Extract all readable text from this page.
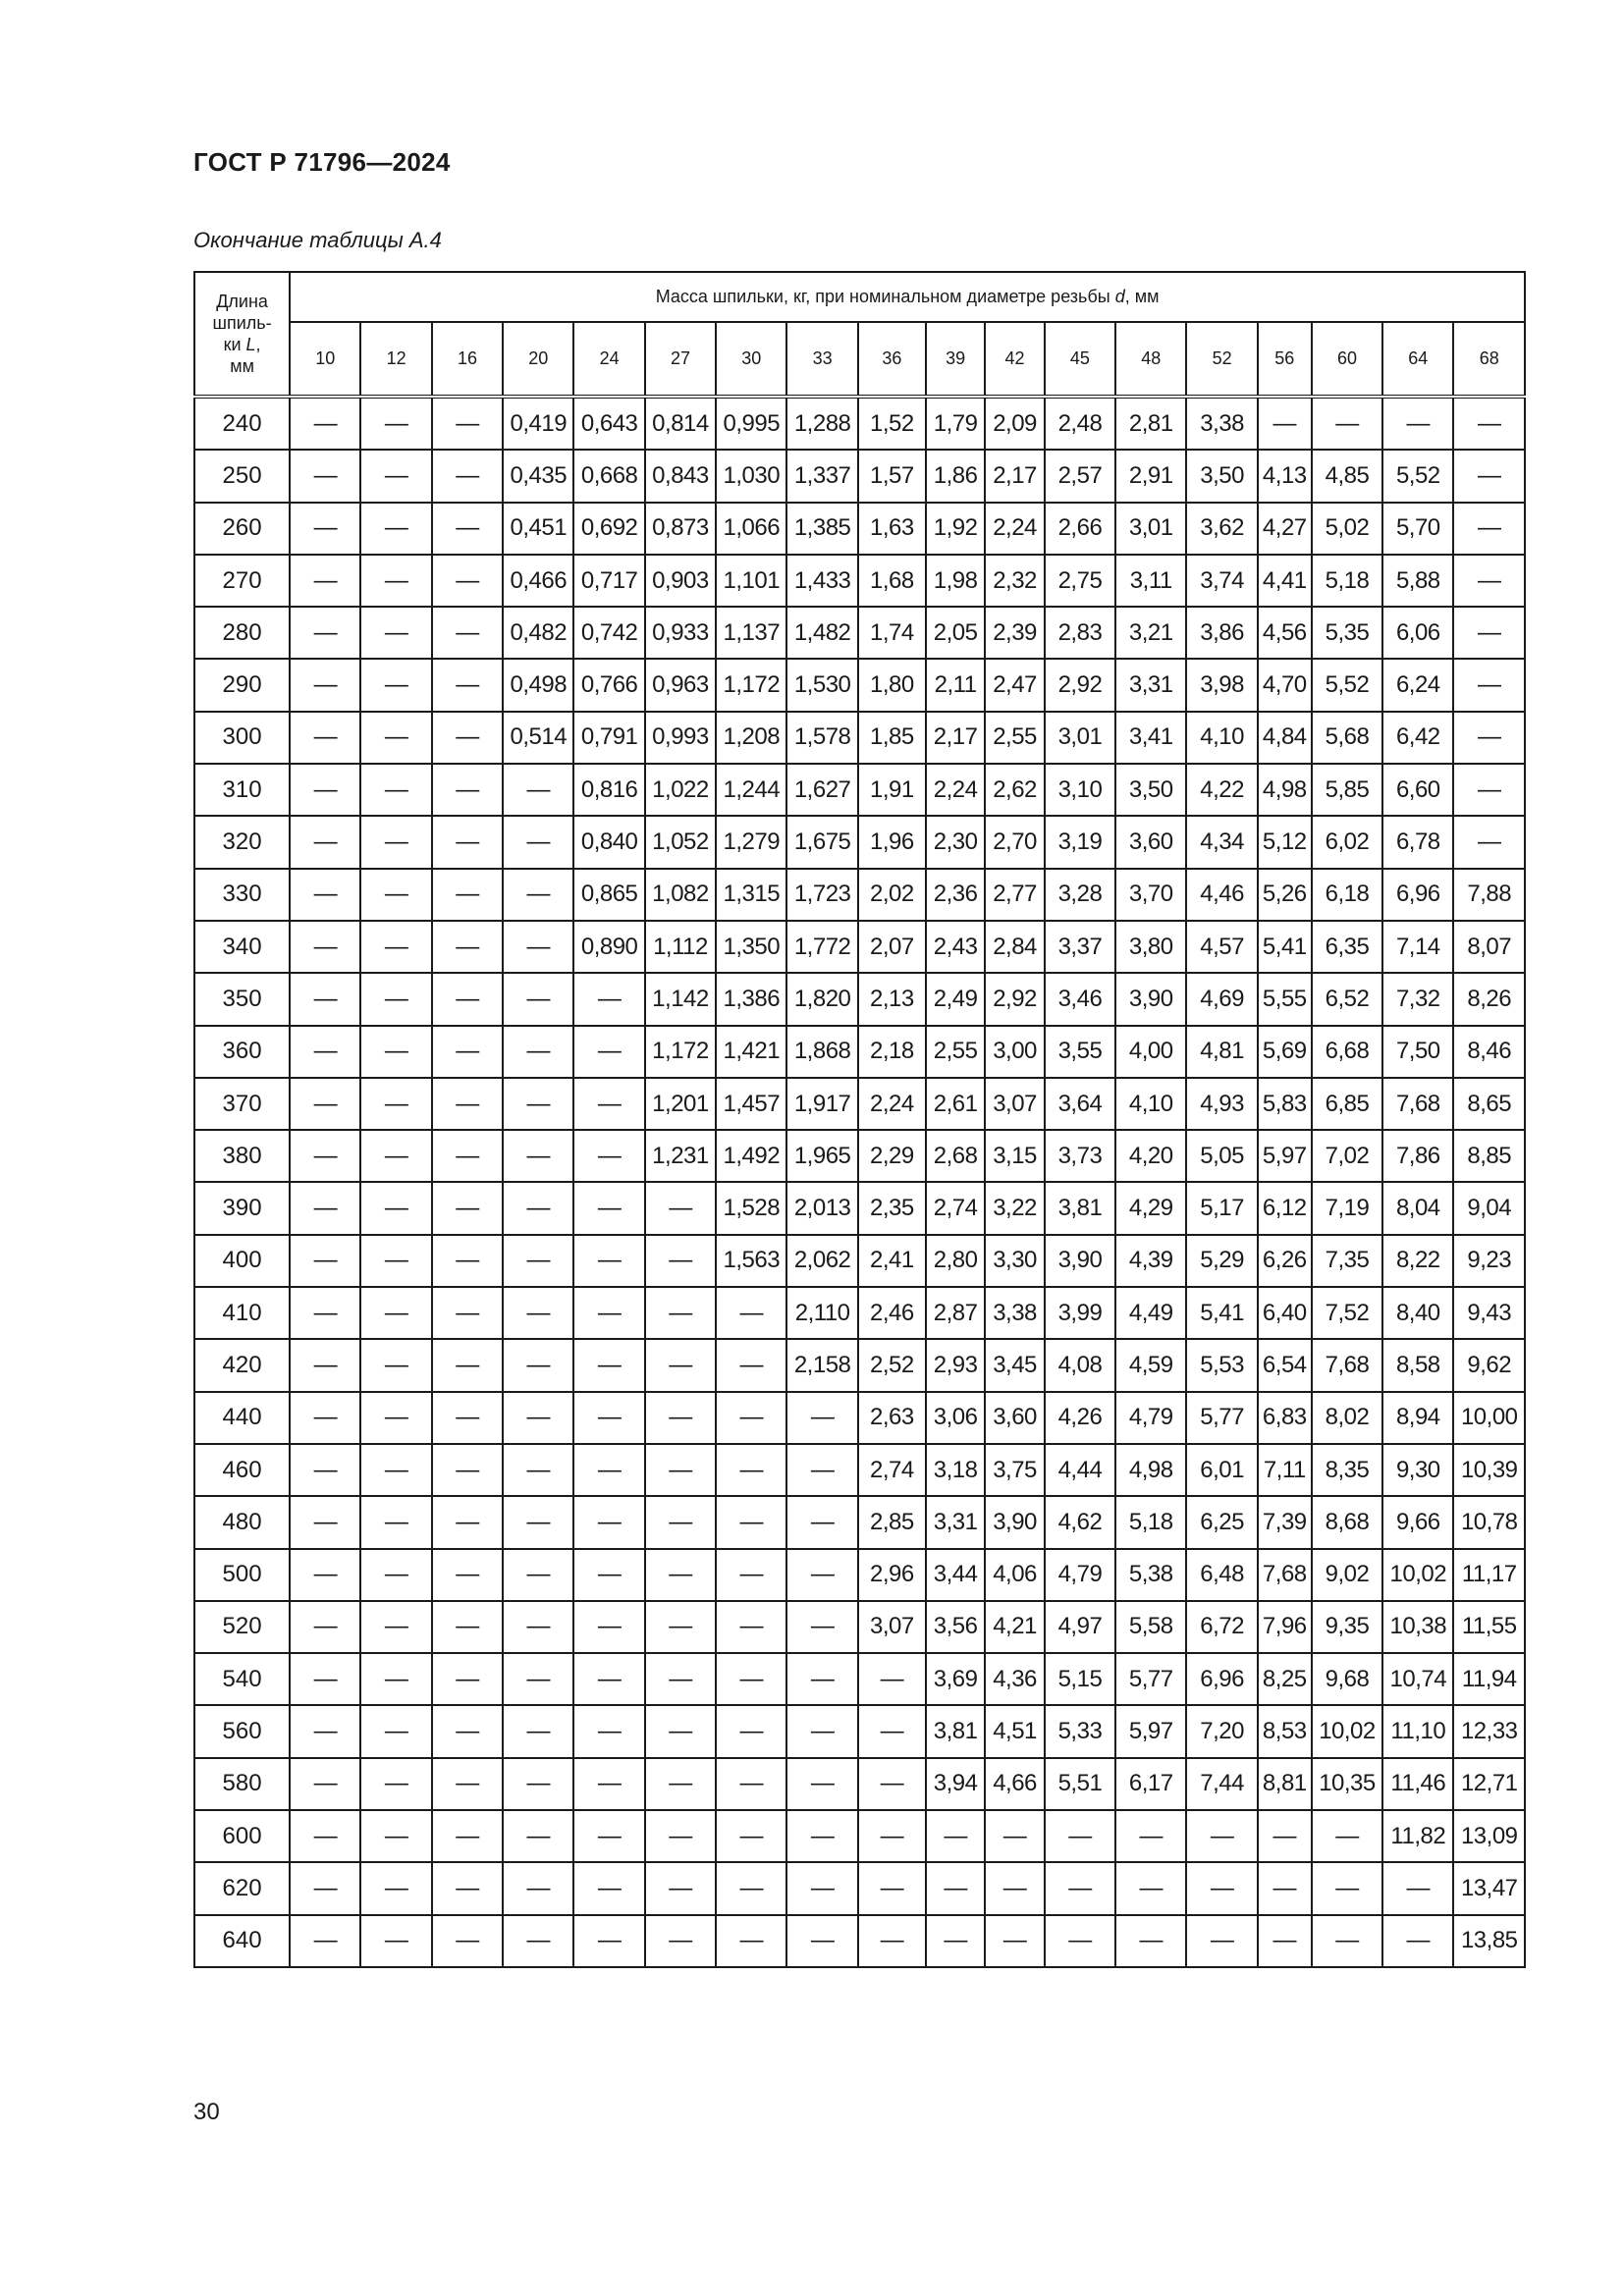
ГОСТ Р 71796—2024
Окончание таблицы А.4
Длина
шпиль-
ки L,
мм	Масса шпильки, кг, при номинальном диаметре резьбы d, мм																	
	10	12	16	20	24	27	30	33	36	39	42	45	48	52	56	60	64	68
240	—	—	—	0,419	0,643	0,814	0,995	1,288	1,52	1,79	2,09	2,48	2,81	3,38	—	—	—	—
250	—	—	—	0,435	0,668	0,843	1,030	1,337	1,57	1,86	2,17	2,57	2,91	3,50	4,13	4,85	5,52	—
260	—	—	—	0,451	0,692	0,873	1,066	1,385	1,63	1,92	2,24	2,66	3,01	3,62	4,27	5,02	5,70	—
270	—	—	—	0,466	0,717	0,903	1,101	1,433	1,68	1,98	2,32	2,75	3,11	3,74	4,41	5,18	5,88	—
280	—	—	—	0,482	0,742	0,933	1,137	1,482	1,74	2,05	2,39	2,83	3,21	3,86	4,56	5,35	6,06	—
290	—	—	—	0,498	0,766	0,963	1,172	1,530	1,80	2,11	2,47	2,92	3,31	3,98	4,70	5,52	6,24	—
300	—	—	—	0,514	0,791	0,993	1,208	1,578	1,85	2,17	2,55	3,01	3,41	4,10	4,84	5,68	6,42	—
310	—	—	—	—	0,816	1,022	1,244	1,627	1,91	2,24	2,62	3,10	3,50	4,22	4,98	5,85	6,60	—
320	—	—	—	—	0,840	1,052	1,279	1,675	1,96	2,30	2,70	3,19	3,60	4,34	5,12	6,02	6,78	—
330	—	—	—	—	0,865	1,082	1,315	1,723	2,02	2,36	2,77	3,28	3,70	4,46	5,26	6,18	6,96	7,88
340	—	—	—	—	0,890	1,112	1,350	1,772	2,07	2,43	2,84	3,37	3,80	4,57	5,41	6,35	7,14	8,07
350	—	—	—	—	—	1,142	1,386	1,820	2,13	2,49	2,92	3,46	3,90	4,69	5,55	6,52	7,32	8,26
360	—	—	—	—	—	1,172	1,421	1,868	2,18	2,55	3,00	3,55	4,00	4,81	5,69	6,68	7,50	8,46
370	—	—	—	—	—	1,201	1,457	1,917	2,24	2,61	3,07	3,64	4,10	4,93	5,83	6,85	7,68	8,65
380	—	—	—	—	—	1,231	1,492	1,965	2,29	2,68	3,15	3,73	4,20	5,05	5,97	7,02	7,86	8,85
390	—	—	—	—	—	—	1,528	2,013	2,35	2,74	3,22	3,81	4,29	5,17	6,12	7,19	8,04	9,04
400	—	—	—	—	—	—	1,563	2,062	2,41	2,80	3,30	3,90	4,39	5,29	6,26	7,35	8,22	9,23
410	—	—	—	—	—	—	—	2,110	2,46	2,87	3,38	3,99	4,49	5,41	6,40	7,52	8,40	9,43
420	—	—	—	—	—	—	—	2,158	2,52	2,93	3,45	4,08	4,59	5,53	6,54	7,68	8,58	9,62
440	—	—	—	—	—	—	—	—	2,63	3,06	3,60	4,26	4,79	5,77	6,83	8,02	8,94	10,00
460	—	—	—	—	—	—	—	—	2,74	3,18	3,75	4,44	4,98	6,01	7,11	8,35	9,30	10,39
480	—	—	—	—	—	—	—	—	2,85	3,31	3,90	4,62	5,18	6,25	7,39	8,68	9,66	10,78
500	—	—	—	—	—	—	—	—	2,96	3,44	4,06	4,79	5,38	6,48	7,68	9,02	10,02	11,17
520	—	—	—	—	—	—	—	—	3,07	3,56	4,21	4,97	5,58	6,72	7,96	9,35	10,38	11,55
540	—	—	—	—	—	—	—	—	—	3,69	4,36	5,15	5,77	6,96	8,25	9,68	10,74	11,94
560	—	—	—	—	—	—	—	—	—	3,81	4,51	5,33	5,97	7,20	8,53	10,02	11,10	12,33
580	—	—	—	—	—	—	—	—	—	3,94	4,66	5,51	6,17	7,44	8,81	10,35	11,46	12,71
600	—	—	—	—	—	—	—	—	—	—	—	—	—	—	—	—	11,82	13,09
620	—	—	—	—	—	—	—	—	—	—	—	—	—	—	—	—	—	13,47
640	—	—	—	—	—	—	—	—	—	—	—	—	—	—	—	—	—	13,85
30
